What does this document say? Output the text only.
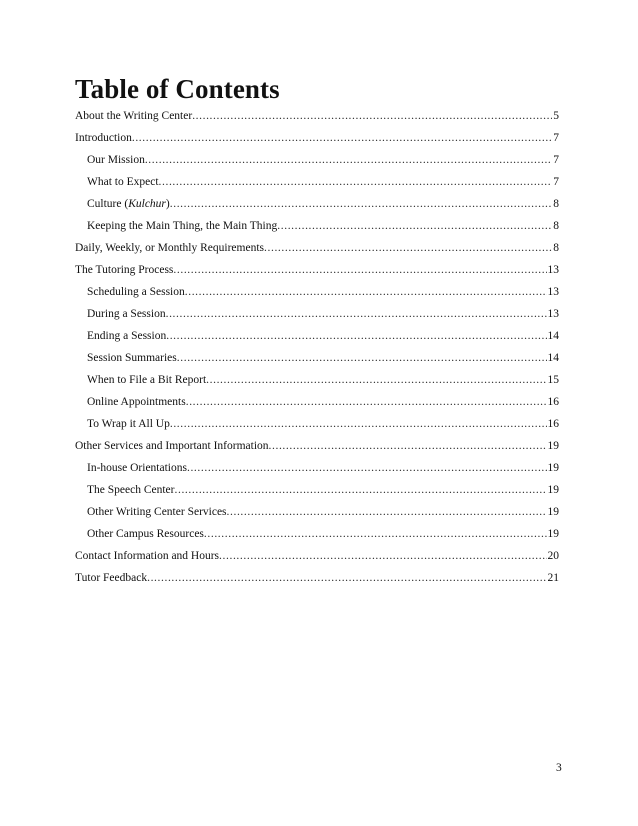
Table of Contents
About the Writing Center .....	5
Introduction .....	7
Our Mission .....	7
What to Expect .....	7
Culture (Kulchur) .....	8
Keeping the Main Thing, the Main Thing .....	8
Daily, Weekly, or Monthly Requirements .....	8
The Tutoring Process .....	13
Scheduling a Session .....	13
During a Session .....	13
Ending a Session .....	14
Session Summaries .....	14
When to File a Bit Report .....	15
Online Appointments .....	16
To Wrap it All Up .....	16
Other Services and Important Information .....	19
In-house Orientations .....	19
The Speech Center .....	19
Other Writing Center Services .....	19
Other Campus Resources .....	19
Contact Information and Hours .....	20
Tutor Feedback .....	21
3
